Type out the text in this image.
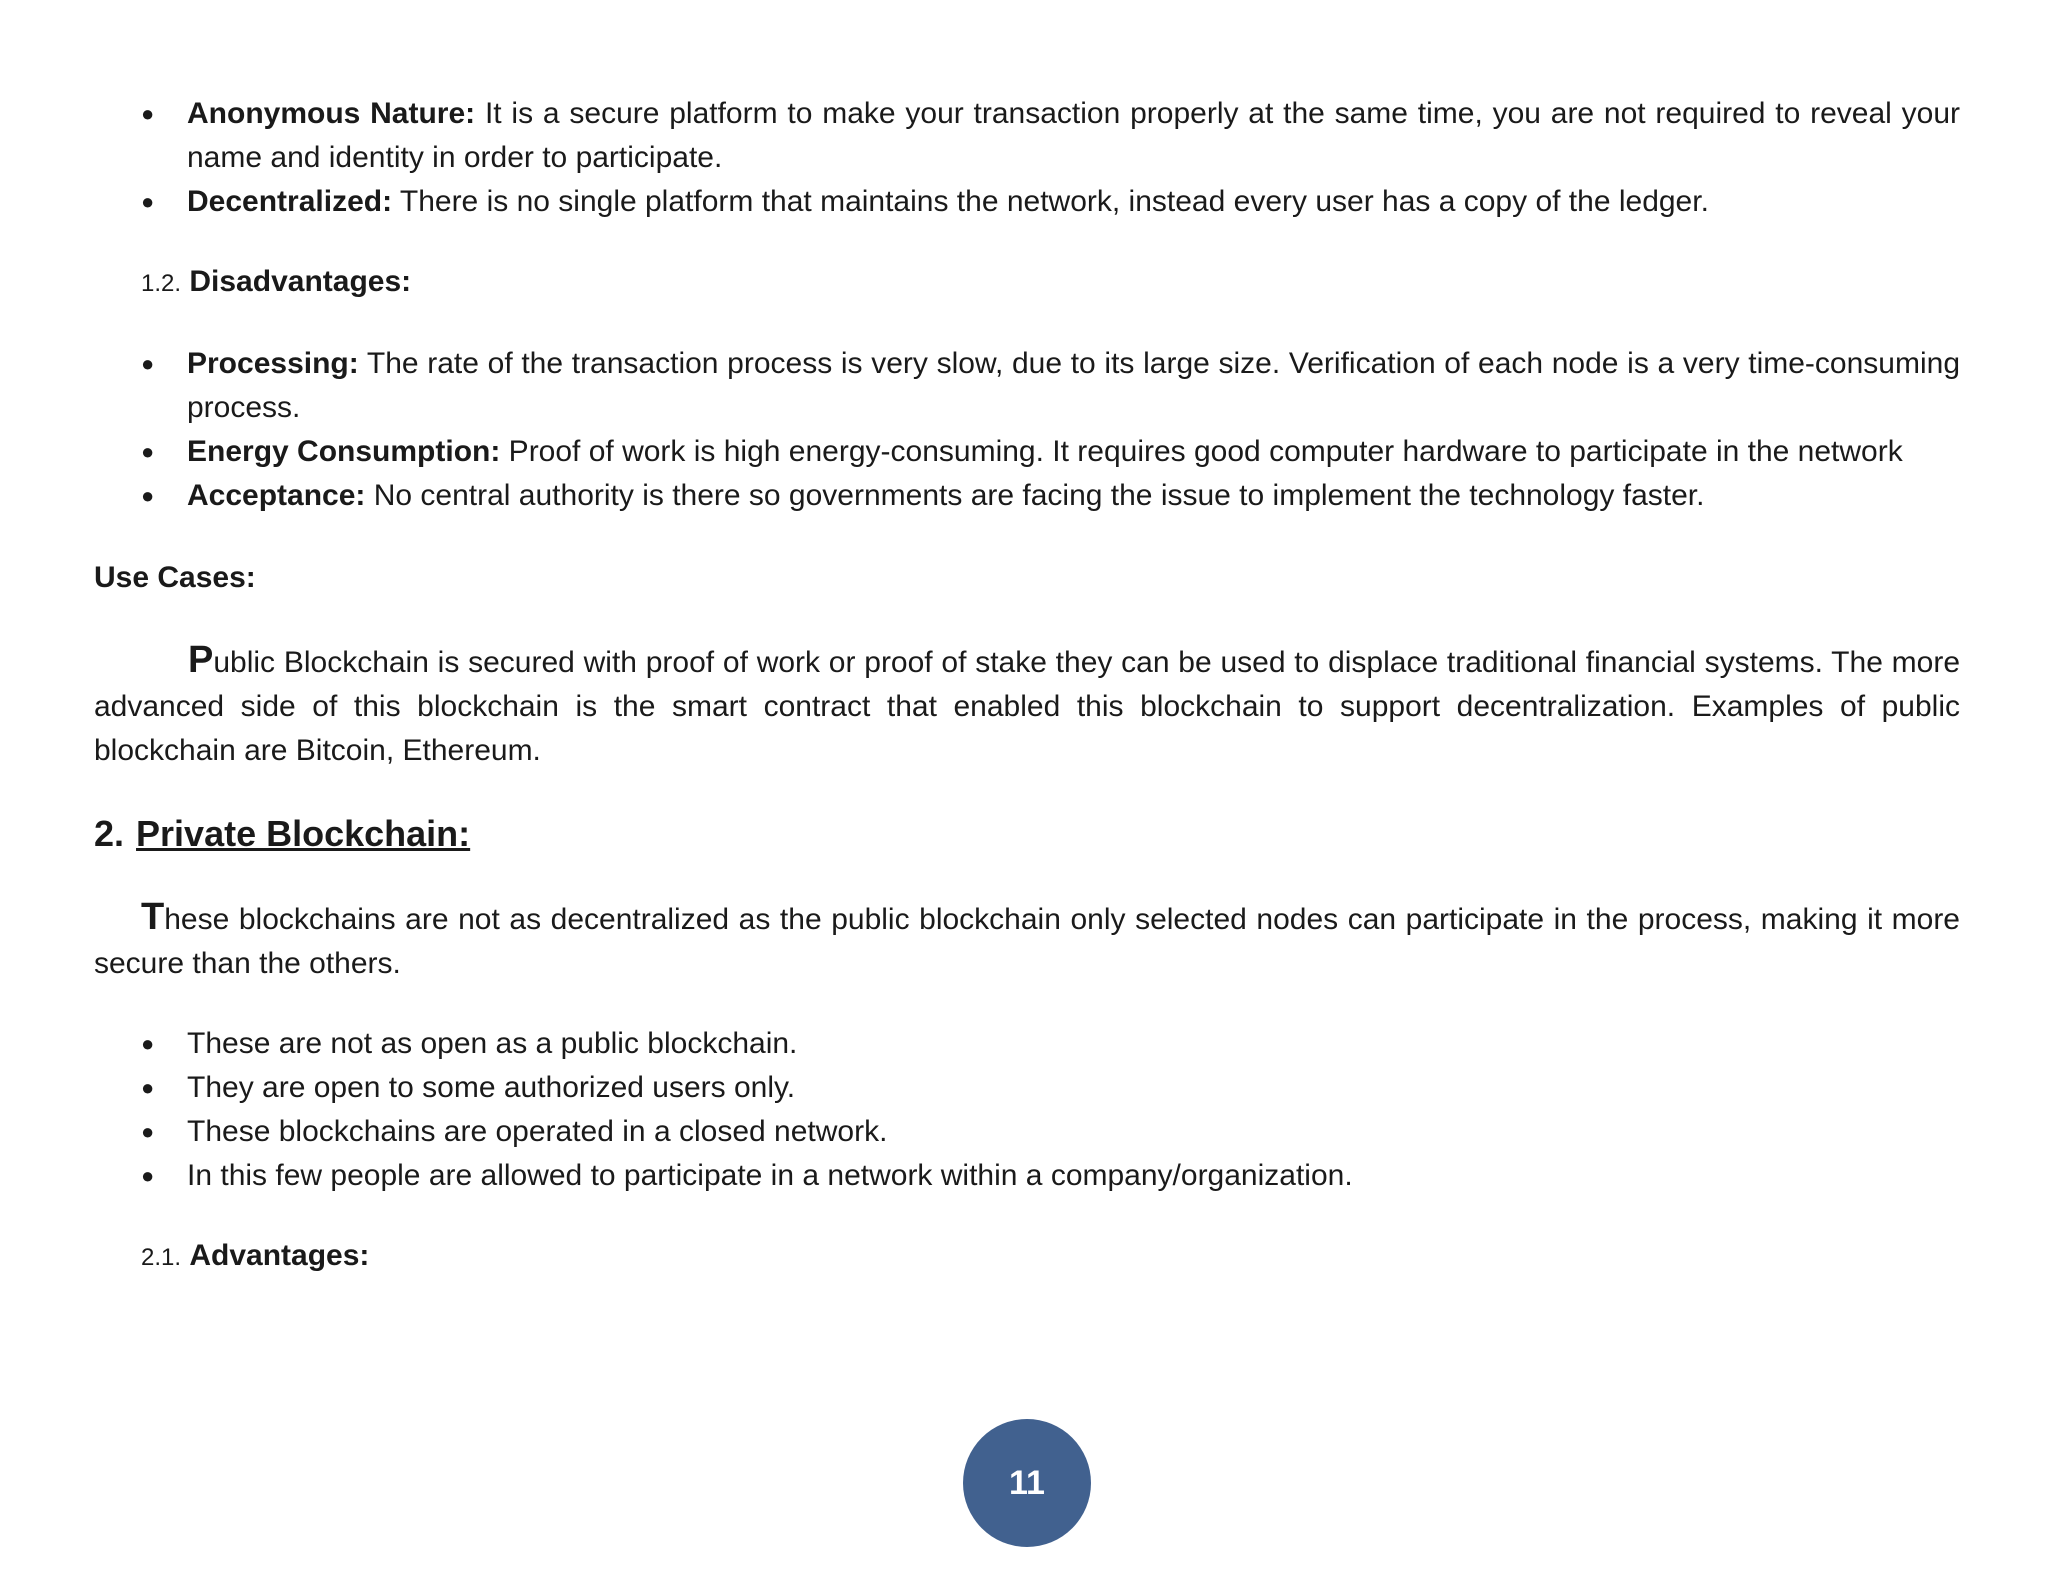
● Anonymous Nature: It is a secure platform to make your transaction properly at the same time, you are not required to reveal your name and identity in order to participate.
● Decentralized: There is no single platform that maintains the network, instead every user has a copy of the ledger.

1.2. Disadvantages:

● Processing: The rate of the transaction process is very slow, due to its large size. Verification of each node is a very time-consuming process.
● Energy Consumption: Proof of work is high energy-consuming. It requires good computer hardware to participate in the network
● Acceptance: No central authority is there so governments are facing the issue to implement the technology faster.

Use Cases:

Public Blockchain is secured with proof of work or proof of stake they can be used to displace traditional financial systems. The more advanced side of this blockchain is the smart contract that enabled this blockchain to support decentralization. Examples of public blockchain are Bitcoin, Ethereum.

2. Private Blockchain:

These blockchains are not as decentralized as the public blockchain only selected nodes can participate in the process, making it more secure than the others.

● These are not as open as a public blockchain.
● They are open to some authorized users only.
● These blockchains are operated in a closed network.
● In this few people are allowed to participate in a network within a company/organization.

2.1. Advantages:

11
